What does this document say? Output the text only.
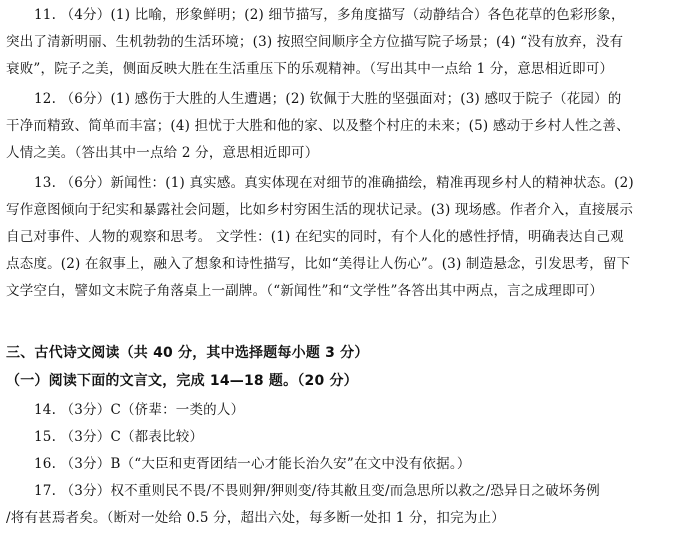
11. （4分）(1) 比喻，形象鲜明；(2) 细节描写，多角度描写（动静结合）各色花草的色彩形象，
突出了清新明丽、生机勃勃的生活环境；(3) 按照空间顺序全方位描写院子场景；(4) “没有放弃，没有
衰败”，院子之美，侧面反映大胜在生活重压下的乐观精神。（写出其中一点给 1 分，意思相近即可）
12. （6分）(1) 感伤于大胜的人生遭遇；(2) 钦佩于大胜的坚强面对；(3) 感叹于院子（花园）的
干净而精致、简单而丰富；(4) 担忧于大胜和他的家、以及整个村庄的未来；(5) 感动于乡村人性之善、
人情之美。（答出其中一点给 2 分，意思相近即可）
13. （6分）新闻性：(1) 真实感。真实体现在对细节的准确描绘，精准再现乡村人的精神状态。(2)
写作意图倾向于纪实和暴露社会问题，比如乡村穷困生活的现状记录。(3) 现场感。作者介入，直接展示
自己对事件、人物的观察和思考。 文学性：(1) 在纪实的同时，有个人化的感性抒情，明确表达自己观
点态度。(2) 在叙事上，融入了想象和诗性描写，比如“美得让人伤心”。(3) 制造悬念，引发思考，留下
文学空白，譬如文末院子角落桌上一副牌。（“新闻性”和“文学性”各答出其中两点，言之成理即可）
三、古代诗文阅读（共 40 分，其中选择题每小题 3 分）
（一）阅读下面的文言文，完成 14—18 题。（20 分）
14. （3分）C（侪辈：一类的人）
15. （3分）C（都表比较）
16. （3分）B（“大臣和吏胥团结一心才能长治久安”在文中没有依据。）
17. （3分）权不重则民不畏/不畏则狎/狎则变/待其敝且变/而急思所以救之/恐异日之破坏务例
/将有甚焉者矣。（断对一处给 0.5 分，超出六处，每多断一处扣 1 分，扣完为止）
